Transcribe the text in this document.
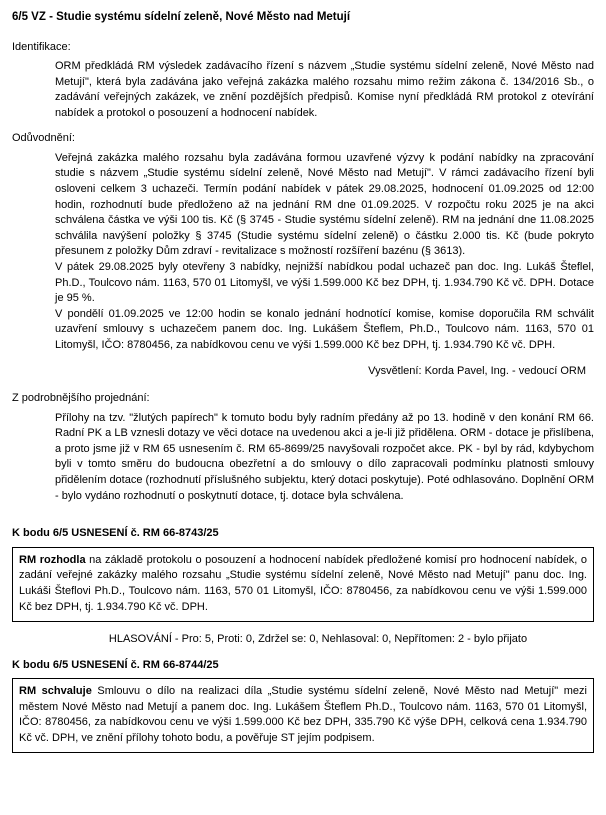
6/5 VZ - Studie systému sídelní zeleně, Nové Město nad Metují

Identifikace:

ORM předkládá RM výsledek zadávacího řízení s názvem „Studie systému sídelní zeleně, Nové Město nad Metují", která byla zadávána jako veřejná zakázka malého rozsahu mimo režim zákona č. 134/2016 Sb., o zadávání veřejných zakázek, ve znění pozdějších předpisů. Komise nyní předkládá RM protokol z otevírání nabídek a protokol o posouzení a hodnocení nabídek.

Odůvodnění:

Veřejná zakázka malého rozsahu byla zadávána formou uzavřené výzvy k podání nabídky na zpracování studie s názvem „Studie systému sídelní zeleně, Nové Město nad Metují". V rámci zadávacího řízení byli osloveni celkem 3 uchazeči. Termín podání nabídek v pátek 29.08.2025, hodnocení 01.09.2025 od 12:00 hodin, rozhodnutí bude předloženo až na jednání RM dne 01.09.2025. V rozpočtu roku 2025 je na akci schválena částka ve výši 100 tis. Kč (§ 3745 - Studie systému sídelní zeleně). RM na jednání dne 11.08.2025 schválila navýšení položky § 3745 (Studie systému sídelní zeleně) o částku 2.000 tis. Kč (bude pokryto přesunem z položky Dům zdraví - revitalizace s možností rozšíření bazénu (§ 3613).

V pátek 29.08.2025 byly otevřeny 3 nabídky, nejnižší nabídkou podal uchazeč pan doc. Ing. Lukáš Šteflel, Ph.D., Toulcovo nám. 1163, 570 01 Litomyšl, ve výši 1.599.000 Kč bez DPH, tj. 1.934.790 Kč vč. DPH. Dotace je 95 %.

V pondělí 01.09.2025 ve 12:00 hodin se konalo jednání hodnotící komise, komise doporučila RM schválit uzavření smlouvy s uchazečem panem doc. Ing. Lukášem Šteflem, Ph.D., Toulcovo nám. 1163, 570 01 Litomyšl, IČO: 8780456, za nabídkovou cenu ve výši 1.599.000 Kč bez DPH, tj. 1.934.790 Kč vč. DPH.

Vysvětlení: Korda Pavel, Ing. - vedoucí ORM

Z podrobnějšího projednání:

Přílohy na tzv. "žlutých papírech" k tomuto bodu byly radním předány až po 13. hodině v den konání RM 66. Radní PK a LB vznesli dotazy ve věci dotace na uvedenou akci a je-li již přidělena. ORM - dotace je přislíbena, a proto jsme již v RM 65 usnesením č. RM 65-8699/25 navyšovali rozpočet akce. PK - byl by rád, kdybychom byli v tomto směru do budoucna obezřetní a do smlouvy o dílo zapracovali podmínku platnosti smlouvy přidělením dotace (rozhodnutí příslušného subjektu, který dotaci poskytuje). Poté odhlasováno. Doplnění ORM - bylo vydáno rozhodnutí o poskytnutí dotace, tj. dotace byla schválena.

K bodu 6/5 USNESENÍ č. RM 66-8743/25

RM rozhodla na základě protokolu o posouzení a hodnocení nabídek předložené komisí pro hodnocení nabídek, o zadání veřejné zakázky malého rozsahu „Studie systému sídelní zeleně, Nové Město nad Metují" panu doc. Ing. Lukáši Šteflovi Ph.D., Toulcovo nám. 1163, 570 01 Litomyšl, IČO: 8780456, za nabídkovou cenu ve výši 1.599.000 Kč bez DPH, tj. 1.934.790 Kč vč. DPH.

HLASOVÁNÍ - Pro: 5, Proti: 0, Zdržel se: 0, Nehlasoval: 0, Nepřítomen: 2 - bylo přijato

K bodu 6/5 USNESENÍ č. RM 66-8744/25

RM schvaluje Smlouvu o dílo na realizaci díla „Studie systému sídelní zeleně, Nové Město nad Metují" mezi městem Nové Město nad Metují a panem doc. Ing. Lukášem Šteflem Ph.D., Toulcovo nám. 1163, 570 01 Litomyšl, IČO: 8780456, za nabídkovou cenu ve výši 1.599.000 Kč bez DPH, 335.790 Kč výše DPH, celková cena 1.934.790 Kč vč. DPH, ve znění přílohy tohoto bodu, a pověřuje ST jejím podpisem.
